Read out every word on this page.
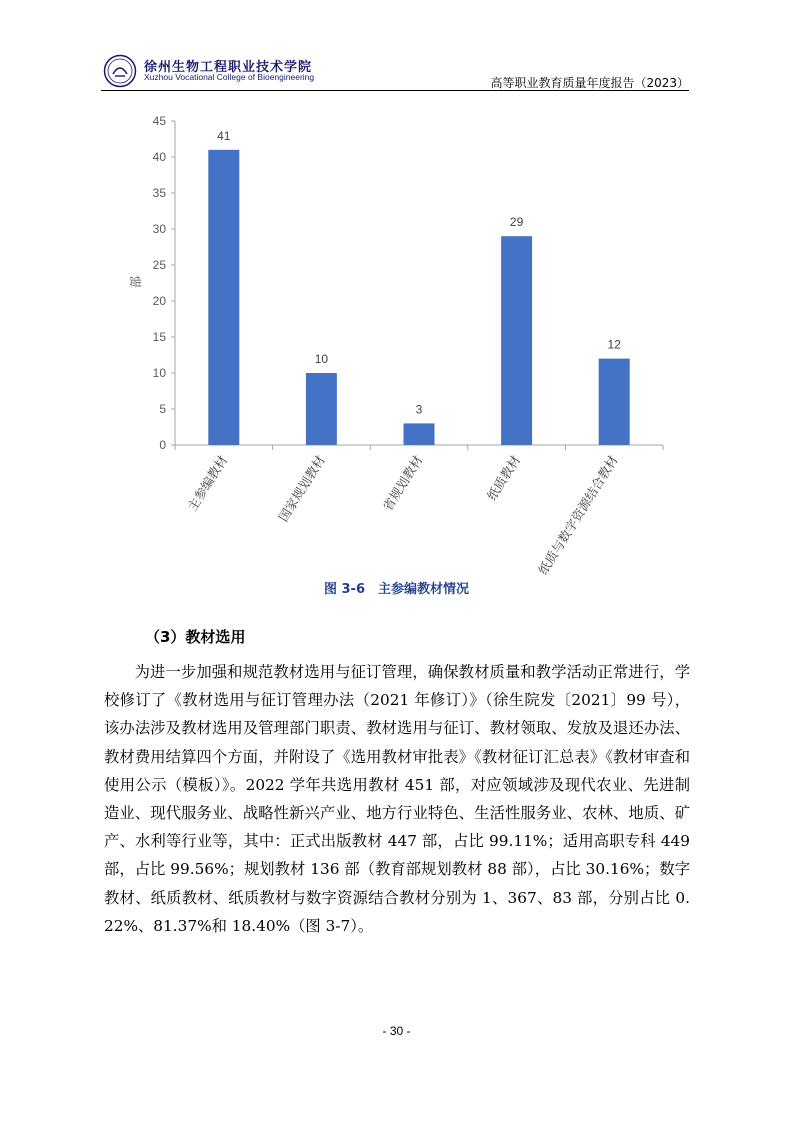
徐州生物工程职业技术学院
Xuzhou Vocational College of Bioengineering	高等职业教育质量年度报告（2023）
0
5
10
15
20
25
30
35
40
45
41
10
3
29
12
主参编教材	国家规划教材	省规划教材	纸质教材 纸质与数字资源结合教材
部
图 3-6　主参编教材情况
（3）教材选用

为进一步加强和规范教材选用与征订管理，确保教材质量和教学活动正常进行，学校修订了《教材选用与征订管理办法（2021 年修订）》（徐生院发〔2021〕99 号），该办法涉及教材选用及管理部门职责、教材选用与征订、教材领取、发放及退还办法、教材费用结算四个方面，并附设了《选用教材审批表》《教材征订汇总表》《教材审查和使用公示（模板）》。2022 学年共选用教材 451 部，对应领域涉及现代农业、先进制造业、现代服务业、战略性新兴产业、地方行业特色、生活性服务业、农林、地质、矿产、水利等行业等，其中：正式出版教材 447 部，占比 99.11%；适用高职专科 449 部，占比 99.56%；规划教材 136 部（教育部规划教材 88 部），占比 30.16%；数字教材、纸质教材、纸质教材与数字资源结合教材分别为 1、367、83 部，分别占比 0.22%、81.37%和 18.40%（图 3-7）。

- 30 -
